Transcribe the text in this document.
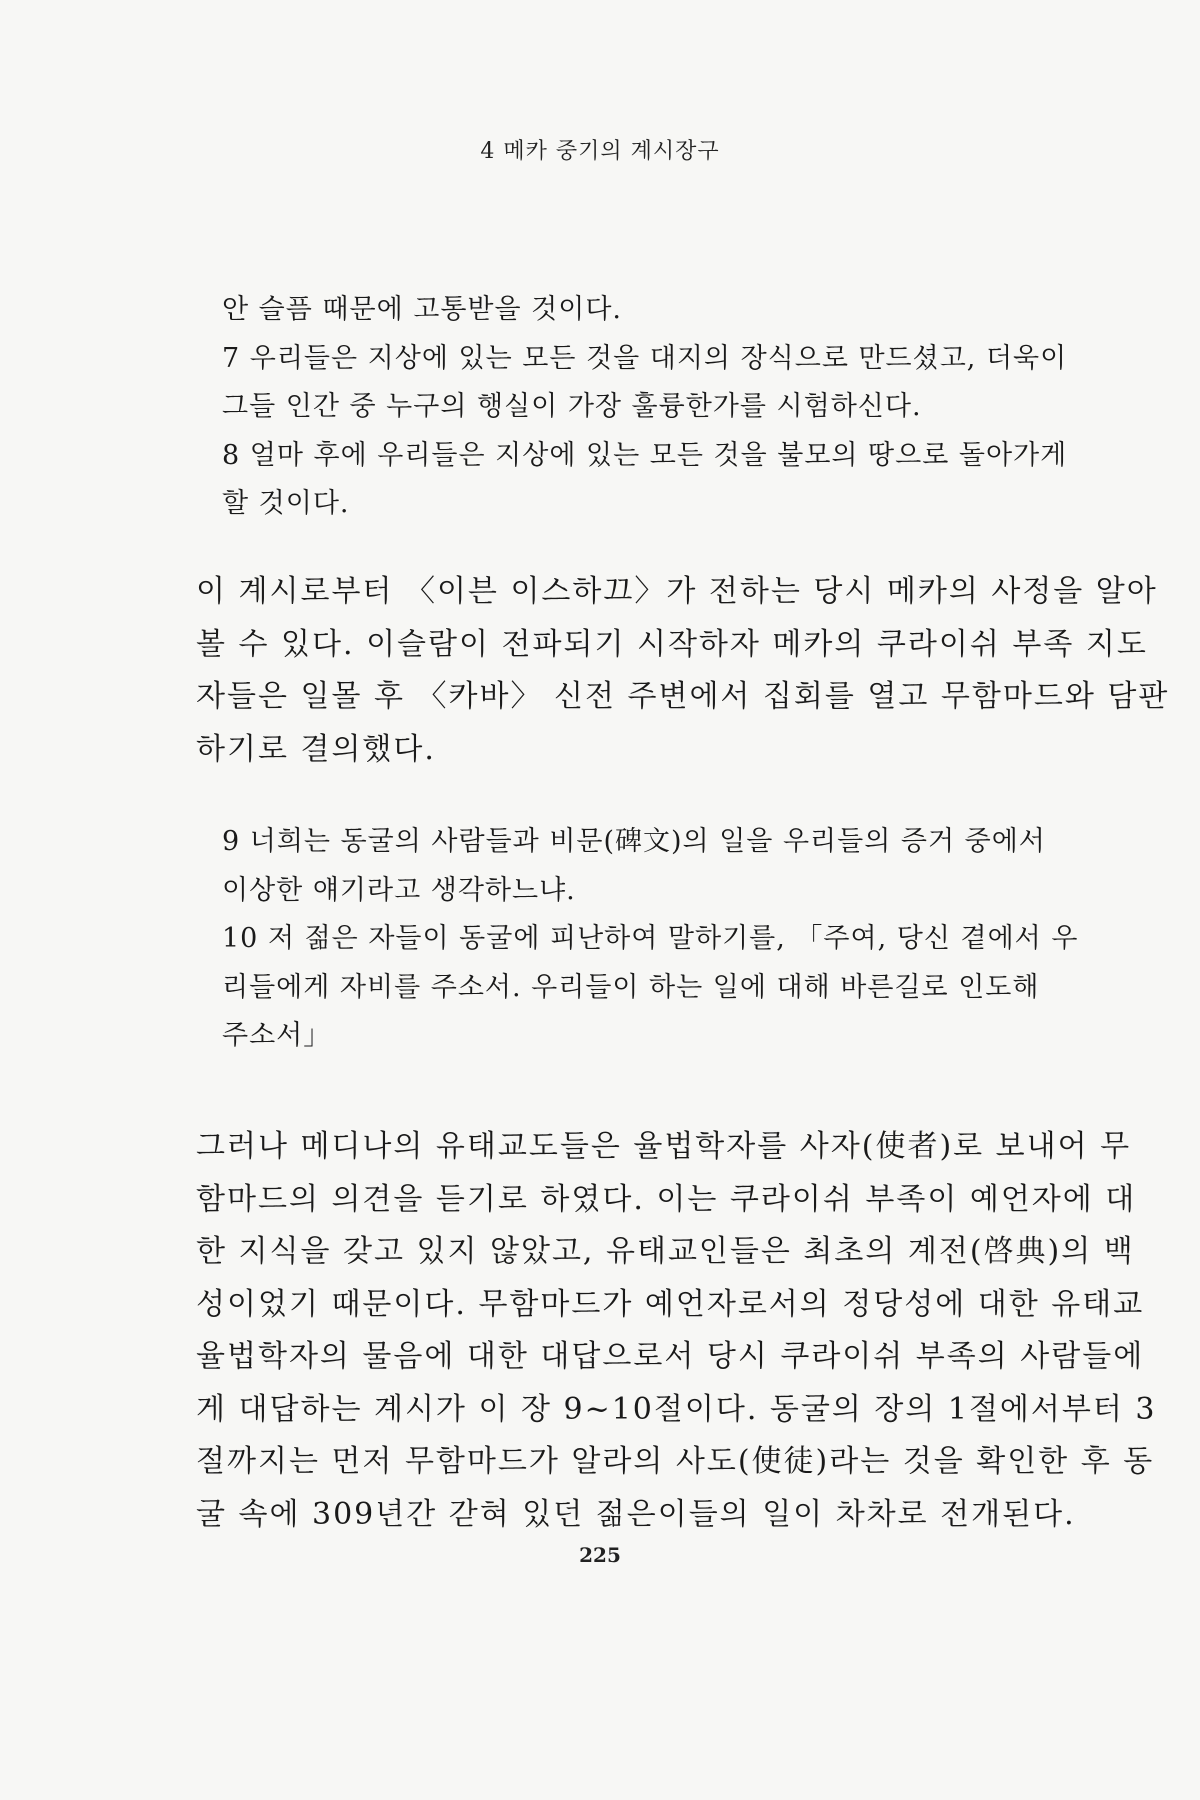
4 메카 중기의 계시장구
안 슬픔 때문에 고통받을 것이다.
7 우리들은 지상에 있는 모든 것을 대지의 장식으로 만드셨고, 더욱이
그들 인간 중 누구의 행실이 가장 훌륭한가를 시험하신다.
8 얼마 후에 우리들은 지상에 있는 모든 것을 불모의 땅으로 돌아가게
할 것이다.
이 계시로부터 〈이븐 이스하끄〉가 전하는 당시 메카의 사정을 알아
볼 수 있다. 이슬람이 전파되기 시작하자 메카의 쿠라이쉬 부족 지도
자들은 일몰 후 〈카바〉 신전 주변에서 집회를 열고 무함마드와 담판
하기로 결의했다.
9 너희는 동굴의 사람들과 비문(碑文)의 일을 우리들의 증거 중에서
이상한 얘기라고 생각하느냐.
10 저 젊은 자들이 동굴에 피난하여 말하기를, 「주여, 당신 곁에서 우
리들에게 자비를 주소서. 우리들이 하는 일에 대해 바른길로 인도해
주소서」
그러나 메디나의 유태교도들은 율법학자를 사자(使者)로 보내어 무
함마드의 의견을 듣기로 하였다. 이는 쿠라이쉬 부족이 예언자에 대
한 지식을 갖고 있지 않았고, 유태교인들은 최초의 계전(啓典)의 백
성이었기 때문이다. 무함마드가 예언자로서의 정당성에 대한 유태교
율법학자의 물음에 대한 대답으로서 당시 쿠라이쉬 부족의 사람들에
게 대답하는 계시가 이 장 9~10절이다. 동굴의 장의 1절에서부터 3
절까지는 먼저 무함마드가 알라의 사도(使徒)라는 것을 확인한 후 동
굴 속에 309년간 갇혀 있던 젊은이들의 일이 차차로 전개된다.
225
